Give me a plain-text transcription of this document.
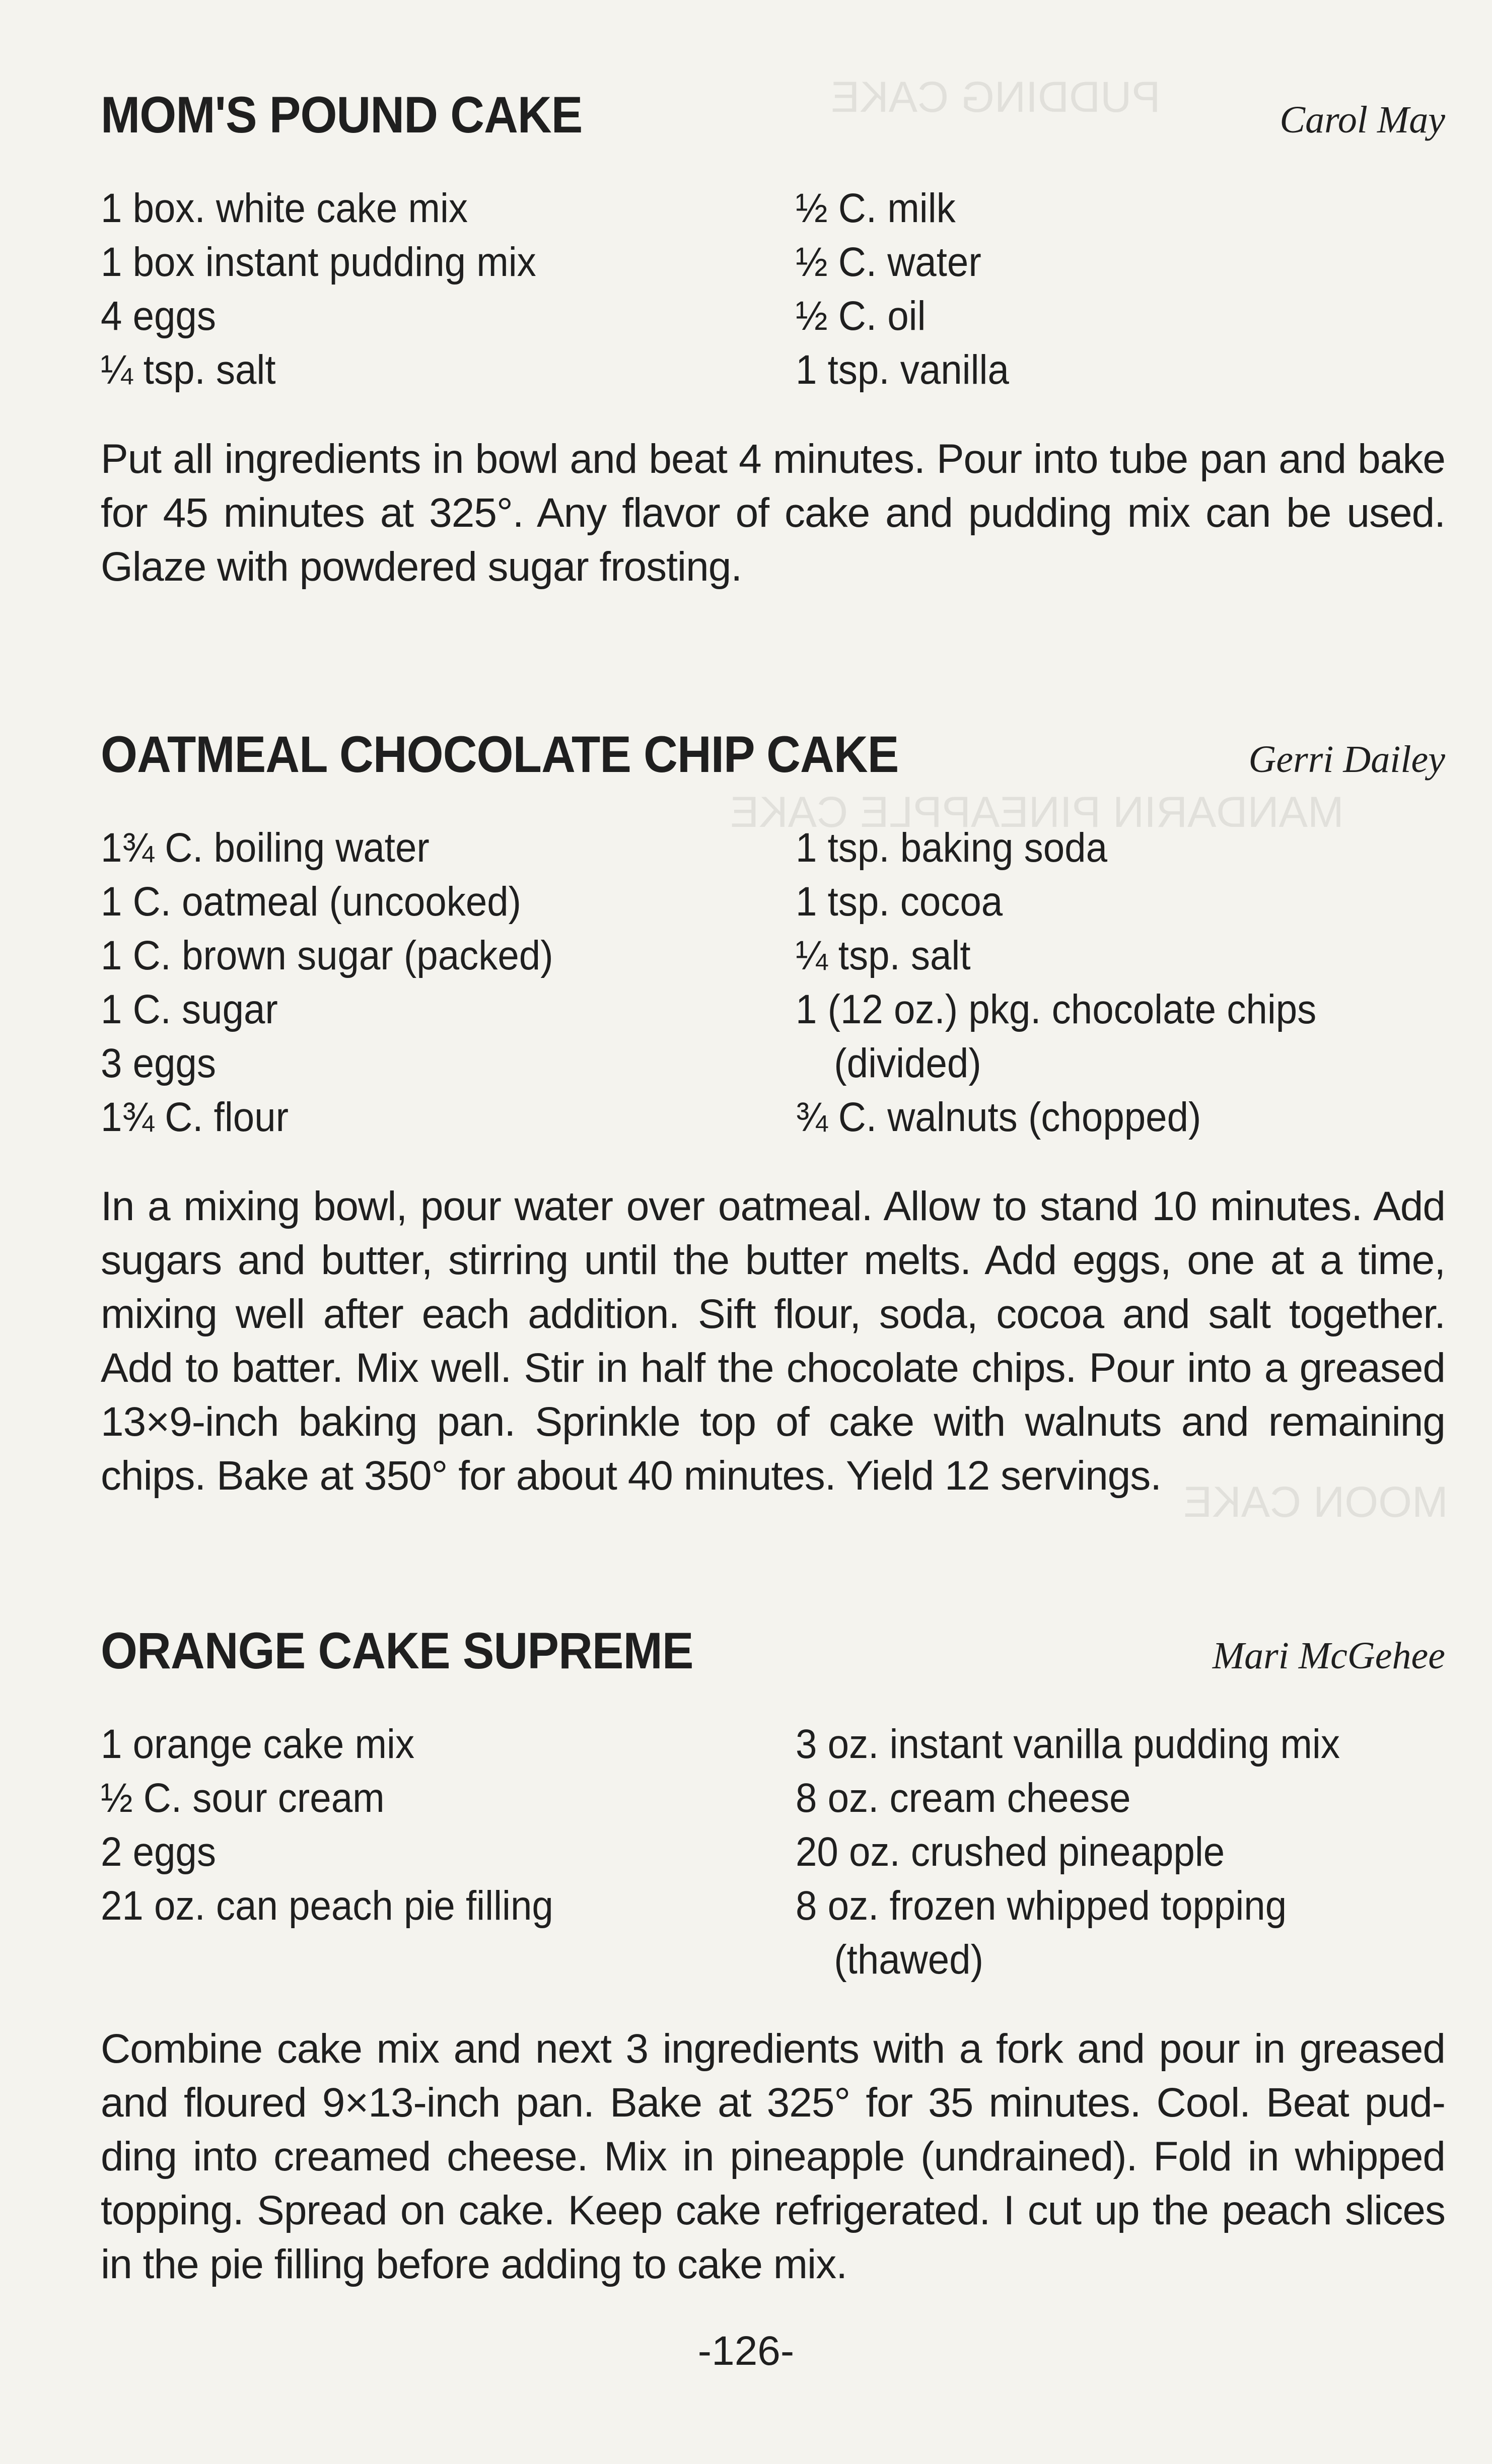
PUDDING CAKE
MANDARIN PINEAPPLE CAKE
MOON CAKE
MOM'S POUND CAKE	Carol May
1 box. white cake mix
1 box instant pudding mix
4 eggs
¼ tsp. salt
½ C. milk
½ C. water
½ C. oil
1 tsp. vanilla
Put all ingredients in bowl and beat 4 minutes. Pour into tube pan and bake
for 45 minutes at 325°. Any flavor of cake and pudding mix can be used.
Glaze with powdered sugar frosting.
OATMEAL CHOCOLATE CHIP CAKE	Gerri Dailey
1¾ C. boiling water
1 C. oatmeal (uncooked)
1 C. brown sugar (packed)
1 C. sugar
3 eggs
1¾ C. flour
1 tsp. baking soda
1 tsp. cocoa
¼ tsp. salt
1 (12 oz.) pkg. chocolate chips
(divided)
¾ C. walnuts (chopped)
In a mixing bowl, pour water over oatmeal. Allow to stand 10 minutes. Add
sugars and butter, stirring until the butter melts. Add eggs, one at a time,
mixing well after each addition. Sift flour, soda, cocoa and salt together.
Add to batter. Mix well. Stir in half the chocolate chips. Pour into a greased
13×9-inch baking pan. Sprinkle top of cake with walnuts and remaining
chips. Bake at 350° for about 40 minutes. Yield 12 servings.
ORANGE CAKE SUPREME	Mari McGehee
1 orange cake mix
½ C. sour cream
2 eggs
21 oz. can peach pie filling
3 oz. instant vanilla pudding mix
8 oz. cream cheese
20 oz. crushed pineapple
8 oz. frozen whipped topping
(thawed)
Combine cake mix and next 3 ingredients with a fork and pour in greased
and floured 9×13-inch pan. Bake at 325° for 35 minutes. Cool. Beat pud-
ding into creamed cheese. Mix in pineapple (undrained). Fold in whipped
topping. Spread on cake. Keep cake refrigerated. I cut up the peach slices
in the pie filling before adding to cake mix.
-126-
